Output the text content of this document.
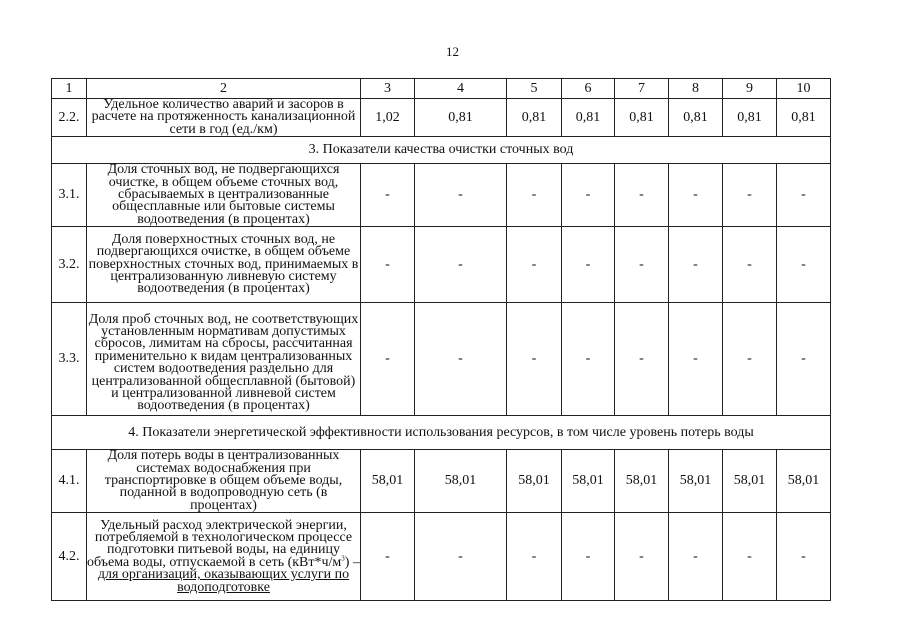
12
1	2	3	4	5	6	7	8	9	10
2.2.	Удельное количество аварий и засоров в расчете на протяженность канализационной сети в год (ед./км)	1,02	0,81	0,81	0,81	0,81	0,81	0,81	0,81
3. Показатели качества очистки сточных вод									
3.1.	Доля сточных вод, не подвергающихся очистке, в общем объеме сточных вод, сбрасываемых в централизованные общесплавные или бытовые системы водоотведения (в процентах)	-	-	-	-	-	-	-	-
3.2.	Доля поверхностных сточных вод, не подвергающихся очистке, в общем объеме поверхностных сточных вод, принимаемых в централизованную ливневую систему водоотведения (в процентах)	-	-	-	-	-	-	-	-
3.3.	Доля проб сточных вод, не соответствующих установленным нормативам допустимых сбросов, лимитам на сбросы, рассчитанная применительно к видам централизованных систем водоотведения раздельно для централизованной общесплавной (бытовой) и централизованной ливневой систем водоотведения (в процентах)	-	-	-	-	-	-	-	-
4. Показатели энергетической эффективности использования ресурсов, в том числе уровень потерь воды									
4.1.	Доля потерь воды в централизованных системах водоснабжения при транспортировке в общем объеме воды, поданной в водопроводную сеть (в процентах)	58,01	58,01	58,01	58,01	58,01	58,01	58,01	58,01
4.2.	Удельный расход электрической энергии, потребляемой в технологическом процессе подготовки питьевой воды, на единицу объема воды, отпускаемой в сеть $(кВт*ч/м^3)$ – для организаций, оказывающих услуги по водоподготовке	-	-	-	-	-	-	-	-
